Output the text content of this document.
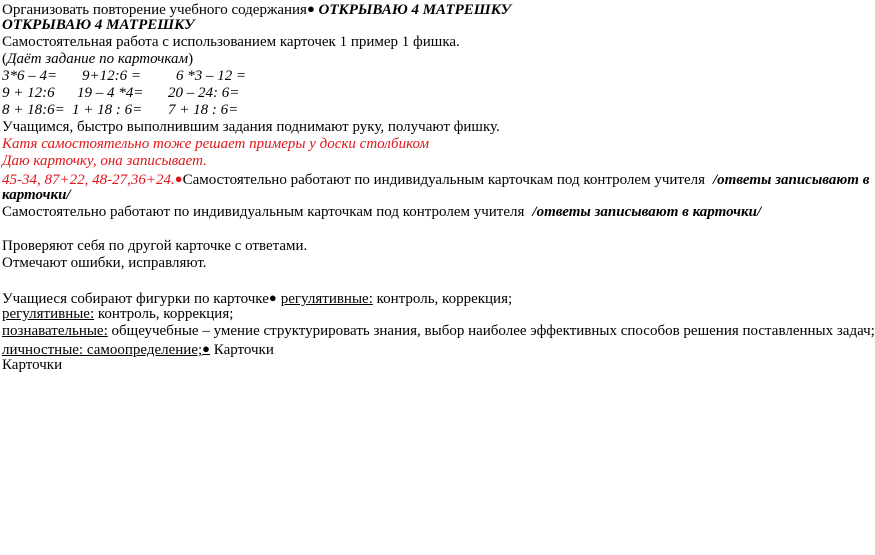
Организовать повторение учебного содержания● ОТКРЫВАЮ 4 МАТРЕШКУ
ОТКРЫВАЮ 4 МАТРЕШКУ
Самостоятельная работа с использованием карточек 1 пример 1 фишка.
(Даёт задание по карточкам)
3*6 – 4= 9+12:6 = 6 *3 – 12 =
9 + 12:6 19 – 4 *4= 20 – 24: 6=
8 + 18:6= 1 + 18 : 6= 7 + 18 : 6=
Учащимся, быстро выполнившим задания поднимают руку, получают фишку.
Катя самостоятельно тоже решает примеры у доски столбиком
Даю карточку, она записывает.
45-34, 87+22, 48-27,36+24.●Самостоятельно работают по индивидуальным карточкам под контролем учителя /ответы записывают в
карточки/
Самостоятельно работают по индивидуальным карточкам под контролем учителя /ответы записывают в карточки/
Проверяют себя по другой карточке с ответами.
Отмечают ошибки, исправляют.
Учащиеся собирают фигурки по карточке● регулятивные: контроль, коррекция;
регулятивные: контроль, коррекция;
познавательные: общеучебные – умение структурировать знания, выбор наиболее эффективных способов решения поставленных задач;
личностные: самоопределение;● Карточки
Карточки
